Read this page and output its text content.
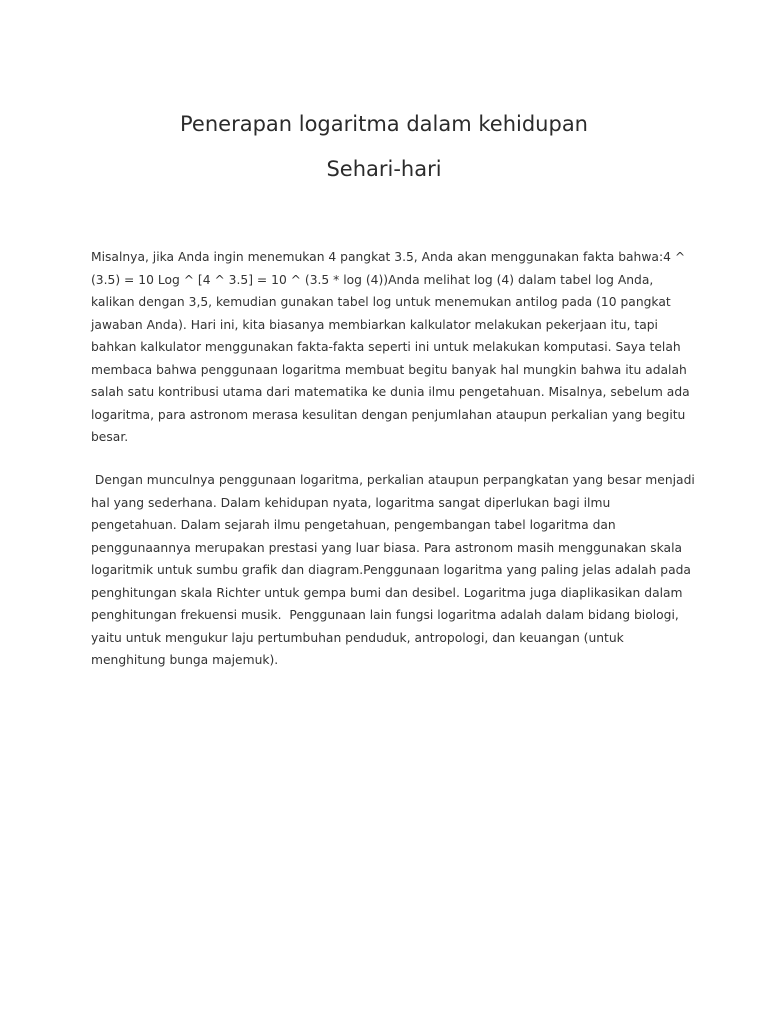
Penerapan logaritma dalam kehidupan
Sehari-hari

Misalnya, jika Anda ingin menemukan 4 pangkat 3.5, Anda akan menggunakan fakta bahwa:4 ^ (3.5) = 10 Log ^ [4 ^ 3.5] = 10 ^ (3.5 * log (4))Anda melihat log (4) dalam tabel log Anda, kalikan dengan 3,5, kemudian gunakan tabel log untuk menemukan antilog pada (10 pangkat jawaban Anda). Hari ini, kita biasanya membiarkan kalkulator melakukan pekerjaan itu, tapi bahkan kalkulator menggunakan fakta-fakta seperti ini untuk melakukan komputasi. Saya telah membaca bahwa penggunaan logaritma membuat begitu banyak hal mungkin bahwa itu adalah salah satu kontribusi utama dari matematika ke dunia ilmu pengetahuan. Misalnya, sebelum ada logaritma, para astronom merasa kesulitan dengan penjumlahan ataupun perkalian yang begitu besar.

Dengan munculnya penggunaan logaritma, perkalian ataupun perpangkatan yang besar menjadi hal yang sederhana. Dalam kehidupan nyata, logaritma sangat diperlukan bagi ilmu pengetahuan. Dalam sejarah ilmu pengetahuan, pengembangan tabel logaritma dan penggunaannya merupakan prestasi yang luar biasa. Para astronom masih menggunakan skala logaritmik untuk sumbu grafik dan diagram.Penggunaan logaritma yang paling jelas adalah pada penghitungan skala Richter untuk gempa bumi dan desibel. Logaritma juga diaplikasikan dalam penghitungan frekuensi musik.  Penggunaan lain fungsi logaritma adalah dalam bidang biologi, yaitu untuk mengukur laju pertumbuhan penduduk, antropologi, dan keuangan (untuk menghitung bunga majemuk).
